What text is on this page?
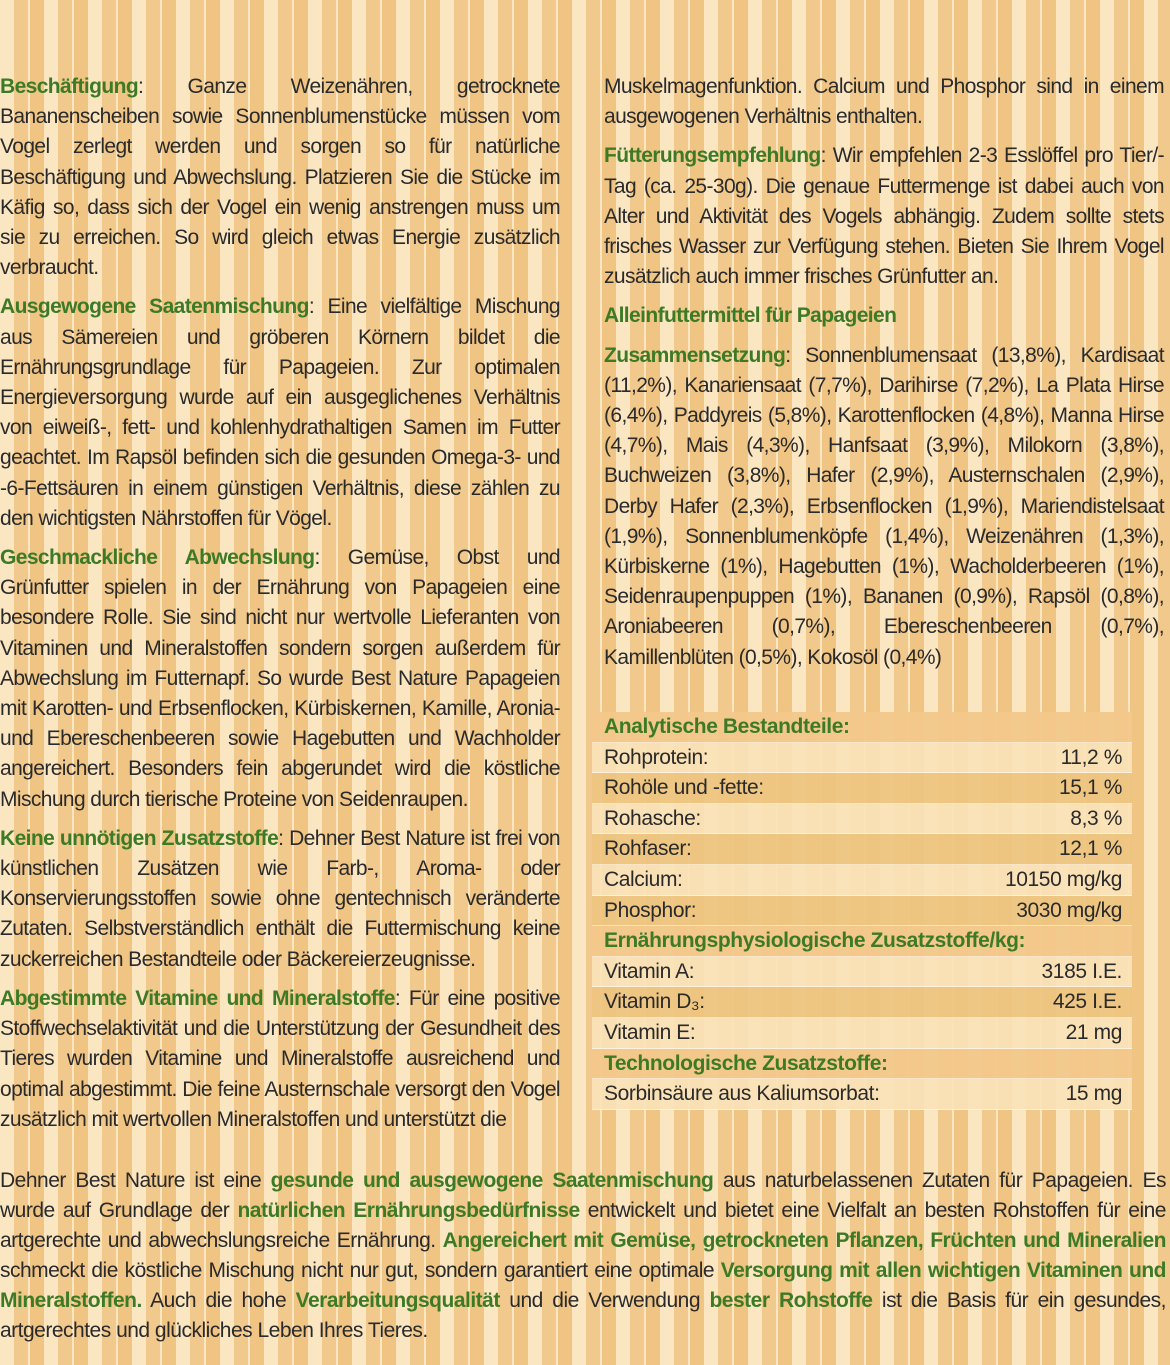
Beschäftigung: Ganze Weizenähren, getrocknete Bananenscheiben sowie Sonnenblumenstücke müssen vom Vogel zerlegt werden und sorgen so für natürliche Beschäftigung und Abwechslung. Platzieren Sie die Stücke im Käfig so, dass sich der Vogel ein wenig anstrengen muss um sie zu erreichen. So wird gleich etwas Energie zusätzlich verbraucht.

Ausgewogene Saatenmischung: Eine vielfältige Mischung aus Sämereien und gröberen Körnern bildet die Ernährungsgrundlage für Papageien. Zur optimalen Energieversorgung wurde auf ein ausgeglichenes Verhältnis von eiweiß-, fett- und kohlenhydrathaltigen Samen im Futter geachtet. Im Rapsöl befinden sich die gesunden Omega-3- und -6-Fettsäuren in einem günstigen Verhältnis, diese zählen zu den wichtigsten Nährstoffen für Vögel.

Geschmackliche Abwechslung: Gemüse, Obst und Grünfutter spielen in der Ernährung von Papageien eine besondere Rolle. Sie sind nicht nur wertvolle Lieferanten von Vitaminen und Mineralstoffen sondern sorgen außerdem für Abwechslung im Futternapf. So wurde Best Nature Papageien mit Karotten- und Erbsenflocken, Kürbiskernen, Kamille, Aronia- und Ebereschenbeeren sowie Hagebutten und Wachholder angereichert. Besonders fein abgerundet wird die köstliche Mischung durch tierische Proteine von Seidenraupen.

Keine unnötigen Zusatzstoffe: Dehner Best Nature ist frei von künstlichen Zusätzen wie Farb-, Aroma- oder Konservierungsstoffen sowie ohne gentechnisch veränderte Zutaten. Selbstverständlich enthält die Futtermischung keine zuckerreichen Bestandteile oder Bäckereierzeugnisse.

Abgestimmte Vitamine und Mineralstoffe: Für eine positive Stoffwechselaktivität und die Unterstützung der Gesundheit des Tieres wurden Vitamine und Mineralstoffe ausreichend und optimal abgestimmt. Die feine Austernschale versorgt den Vogel zusätzlich mit wertvollen Mineralstoffen und unterstützt die

Muskelmagenfunktion. Calcium und Phosphor sind in einem ausgewogenen Verhältnis enthalten.

Fütterungsempfehlung: Wir empfehlen 2-3 Esslöffel pro Tier/-Tag (ca. 25-30g). Die genaue Futtermenge ist dabei auch von Alter und Aktivität des Vogels abhängig. Zudem sollte stets frisches Wasser zur Verfügung stehen. Bieten Sie Ihrem Vogel zusätzlich auch immer frisches Grünfutter an.

Alleinfuttermittel für Papageien

Zusammensetzung: Sonnenblumensaat (13,8%), Kardisaat (11,2%), Kanariensaat (7,7%), Darihirse (7,2%), La Plata Hirse (6,4%), Paddyreis (5,8%), Karottenflocken (4,8%), Manna Hirse (4,7%), Mais (4,3%), Hanfsaat (3,9%), Milokorn (3,8%), Buchweizen (3,8%), Hafer (2,9%), Austernschalen (2,9%), Derby Hafer (2,3%), Erbsenflocken (1,9%), Mariendistelsaat (1,9%), Sonnenblumenköpfe (1,4%), Weizenähren (1,3%), Kürbiskerne (1%), Hagebutten (1%), Wacholderbeeren (1%), Seidenraupenpuppen (1%), Bananen (0,9%), Rapsöl (0,8%), Aroniabeeren (0,7%), Ebereschenbeeren (0,7%), Kamillenblüten (0,5%), Kokosöl (0,4%)

Analytische Bestandteile:
Rohprotein:	11,2 %
Rohöle und -fette:	15,1 %
Rohasche:	8,3 %
Rohfaser:	12,1 %
Calcium:	10150 mg/kg
Phosphor:	3030 mg/kg
Ernährungsphysiologische Zusatzstoffe/kg:
Vitamin A:	3185 I.E.
Vitamin D₃:	425 I.E.
Vitamin E:	21 mg
Technologische Zusatzstoffe:
Sorbinsäure aus Kaliumsorbat:	15 mg

Dehner Best Nature ist eine gesunde und ausgewogene Saatenmischung aus naturbelassenen Zutaten für Papageien. Es wurde auf Grundlage der natürlichen Ernährungsbedürfnisse entwickelt und bietet eine Vielfalt an besten Rohstoffen für eine artgerechte und abwechslungsreiche Ernährung. Angereichert mit Gemüse, getrockneten Pflanzen, Früchten und Mineralien schmeckt die köstliche Mischung nicht nur gut, sondern garantiert eine optimale Versorgung mit allen wichtigen Vitaminen und Mineralstoffen. Auch die hohe Verarbeitungsqualität und die Verwendung bester Rohstoffe ist die Basis für ein gesundes, artgerechtes und glückliches Leben Ihres Tieres.
